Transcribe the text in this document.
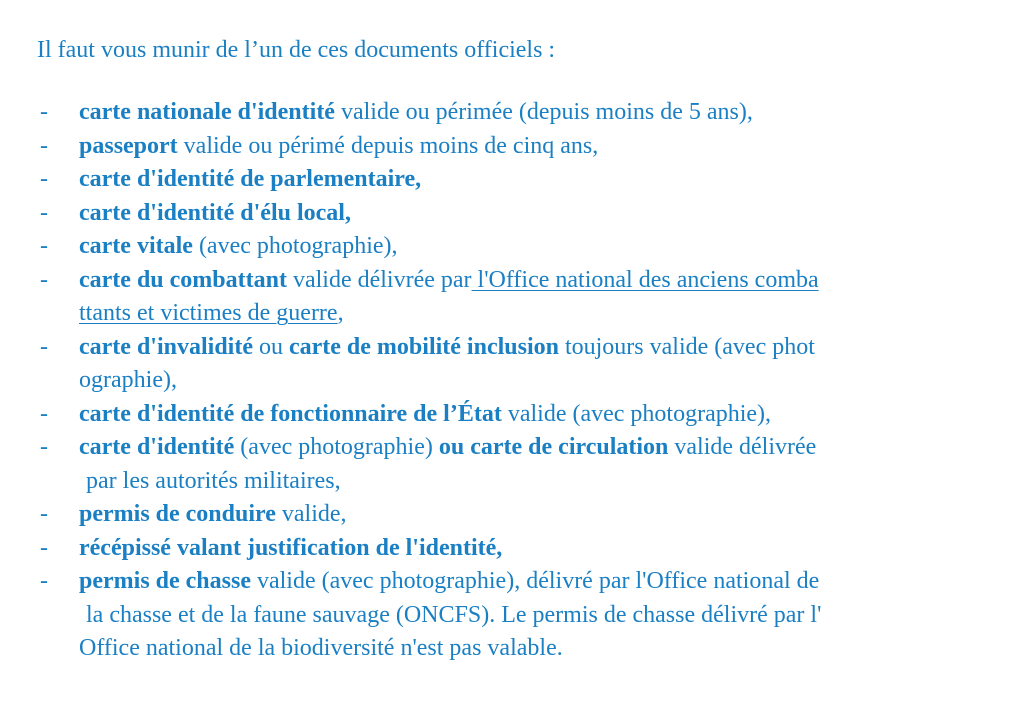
Il faut vous munir de l’un de ces documents officiels :
-	carte nationale d'identité valide ou périmée (depuis moins de 5 ans),
-	passeport valide ou périmé depuis moins de cinq ans,
-	carte d'identité de parlementaire,
-	carte d'identité d'élu local,
-	carte vitale (avec photographie),
-	carte du combattant valide délivrée par l'Office national des anciens comba
ttants et victimes de guerre,
-	carte d'invalidité ou carte de mobilité inclusion toujours valide (avec phot
ographie),
-	carte d'identité de fonctionnaire de l’État valide (avec photographie),
-	carte d'identité (avec photographie) ou carte de circulation valide délivrée
par les autorités militaires,
-	permis de conduire valide,
-	récépissé valant justification de l'identité,
-	permis de chasse valide (avec photographie), délivré par l'Office national de
la chasse et de la faune sauvage (ONCFS). Le permis de chasse délivré par l'
Office national de la biodiversité n'est pas valable.
